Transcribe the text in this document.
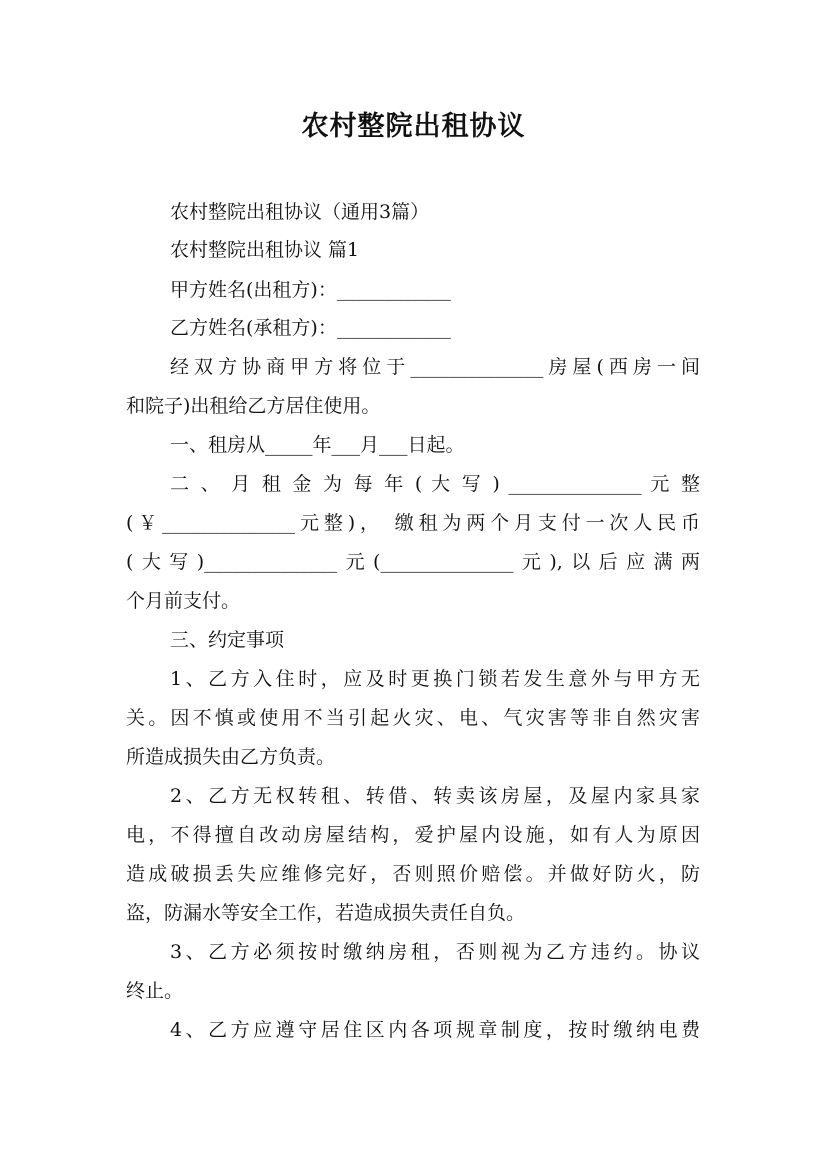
农村整院出租协议

农村整院出租协议（通用3篇）

农村整院出租协议 篇1

甲方姓名(出租方)：____________

乙方姓名(承租方)：____________

经双方协商甲方将位于______________房屋(西房一间

和院子)出租给乙方居住使用。

一、租房从_____年___月___日起。

二 、 月 租 金 为 每 年 ( 大 写 ) ______________ 元 整

(￥______________元整)， 缴租为两个月支付一次人民币

(大写)______________元(______________元),以后应满两

个月前支付。

三、约定事项

1、乙方入住时，应及时更换门锁若发生意外与甲方无

关。因不慎或使用不当引起火灾、电、气灾害等非自然灾害

所造成损失由乙方负责。

2、乙方无权转租、转借、转卖该房屋，及屋内家具家

电，不得擅自改动房屋结构，爱护屋内设施，如有人为原因

造成破损丢失应维修完好，否则照价赔偿。并做好防火，防

盗，防漏水等安全工作，若造成损失责任自负。

3、乙方必须按时缴纳房租，否则视为乙方违约。协议

终止。

4、乙方应遵守居住区内各项规章制度，按时缴纳电费
